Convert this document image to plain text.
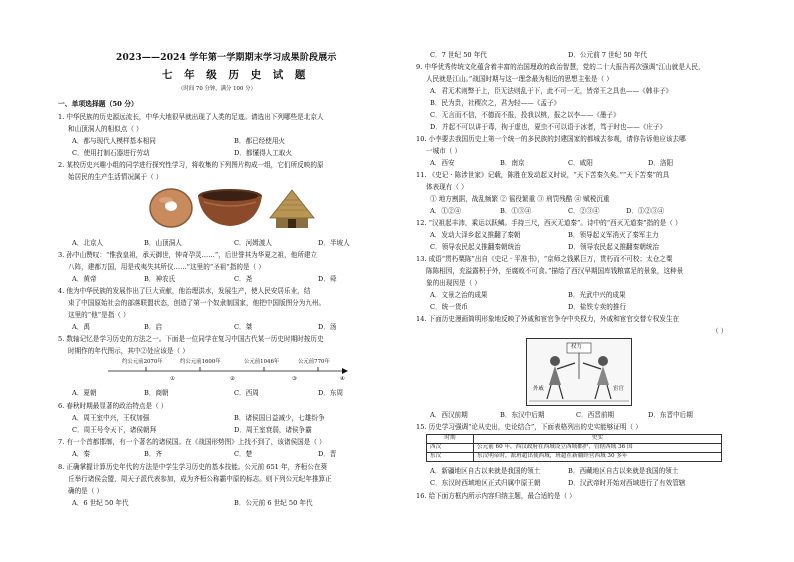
2023——2024 学年第一学期期末学习成果阶段展示
七 年 级 历 史 试 题
（时间 70 分钟，满分 100 分）
一、单项选择题（50 分）
1. 中华民族的历史源远流长，中华大地很早就出现了人类的足迹。请选出下列哪些是北京人
和山顶洞人的相似点（ ）
A．都与现代人模样基本相同	B．都已经使用火
C．使用打制石器进行劳动	D．都懂得人工取火
2. 某校历史兴趣小组的同学进行探究性学习，将收集的下列图片构成一组，它们所反映的原
始居民的生产生活情况属于（ ）
A．北京人	B．山顶洞人	C．河姆渡人	D．半坡人
3. 孙中山赞叹：“惟我皇祖，承天御世，钟奇孕灵……”，后世誉其为华夏之祖，他所建立
八阵，建都万国，用是戎夷失其所仪……”这里的“圣祖”指的是（ ）
A．黄帝	B．神农氏	C．尧	D．舜
4. 他为中华民族的发展作出了巨大贡献，他治理洪水，发展生产，使人民安居乐业，结
束了中国原始社会的部落联盟状态，创造了第一个奴隶制国家，他把中国版图分为九州。
这里的“他”是指（ ）
A．禹	B．启	C．桀	D．汤
5. 数轴记忆是学习历史的方法之一。下面是一位同学在复习中国古代某一历史时期时按历史
时期作的年代图示，其中②处应该是（ ）
约公元前2070年	约公元前1600年	公元前1046年	公元前770年
①	②	③	④
A．夏朝	B．商朝	C．西周	D．东周
6. 春秋时期最显著的政治特点是（ ）
A．周王室中兴，王权加强	B．诸侯国日益减少，七雄纷争
C．周王号令天下，诸侯朝拜	D．周王室衰弱，诸侯争霸
7. 有一个首都邯郸，有一个著名的诸侯国。在《战国形势图》上找不到了，该诸侯国是（ ）
A．秦	B．齐	C．楚	D．晋
8. 正确掌握计算历史年代的方法是中学生学习历史的基本技能。公元前 651 年，齐桓公在葵
丘举行诸侯会盟，周天子派代表参加，成为齐桓公称霸中原的标志。则下列公元纪年推算正
确的是（ ）
A．6 世纪 50 年代	B．公元前 6 世纪 50 年代
C．7 世纪 50 年代	D．公元前 7 世纪 50 年代
9. 中华优秀传统文化蕴含着丰富的治国理政的政治智慧，党的二十大报告再次强调“江山就是人民，
人民就是江山。”战国时期与这一理念最为相近的思想主张是（ ）
A．君无术则弊于上，臣无法则乱于下，此不可一无，皆帝王之具也——《韩非子》
B．民为贵，社稷次之，君为轻——《孟子》
C．无言而不信，不德而不报，投我以桃，报之以李——《墨子》
D．并起不可以讲于毒，拘于虚也，夏虫不可以语于冰者，笃于时也——《庄子》
10. 小李要去我国历史上第一个统一的多民族的封建国家的都城去参观，请你告诉他应该去哪
一城市（ ）
A．西安	B．南京	C．咸阳	D．洛阳
11. 《史记 · 陈涉世家》记载，陈胜在发动起义时说，“天下苦秦久矣。”“天下苦秦”的具
体表现有（ ）
① 地方割据，战乱频繁 ② 徭役繁重 ③ 刑罚残酷 ④ 赋税沉重
A．①②④	B．①③④	C．②③④	D．①②③④
12. “汉祖起丰沛，乘运以跃鳞。手持三尺，西灭无道秦”。诗中的“西灭无道秦”指的是（ ）
A．发动大泽乡起义推翻了秦朝	B．领导起义军消灭了秦军主力
C．领导农民起义推翻秦朝统治	D．领导农民起义推翻秦朝统治
13. 成语“贯朽粟陈”出自《史记 · 平准书》，“京师之钱累巨万，贯朽而不可校；太仓之粟
陈陈相因，充溢露积于外，至腐败不可食。”描绘了西汉早期国库钱粮富足的景象，这种景
象的出现因是（ ）
A．文景之治的成果	B．光武中兴的成果
C．统一货币	D．盐铁专卖的推行
14. 下面历史漫画简明形象地反映了外戚和宦官争夺中央权力，外戚和宦官交替专权发生在
（ ）
权力
外戚	宦官
A．西汉前期	B．东汉中后期	C．西晋前期	D．东晋中后期
15. 历史学习强调“论从史出，史论结合”，下面表格列出的史实能够证明（ ）
时期	史实
西汉	公元前 60 年，西汉政府在西域设立西域都护，管辖西域 36 国
东汉	东汉明帝时，派班超出使西域，班超在新疆经营西域 30 多年
A．新疆地区自古以来就是我国的领土	B．西藏地区自古以来就是我国的领土
C．东汉时西域地区正式归属中原王朝	D．汉武帝时开始对西域进行了有效管辖
16. 给下面方框内所示内容归纳主题，最合适的是（ ）
